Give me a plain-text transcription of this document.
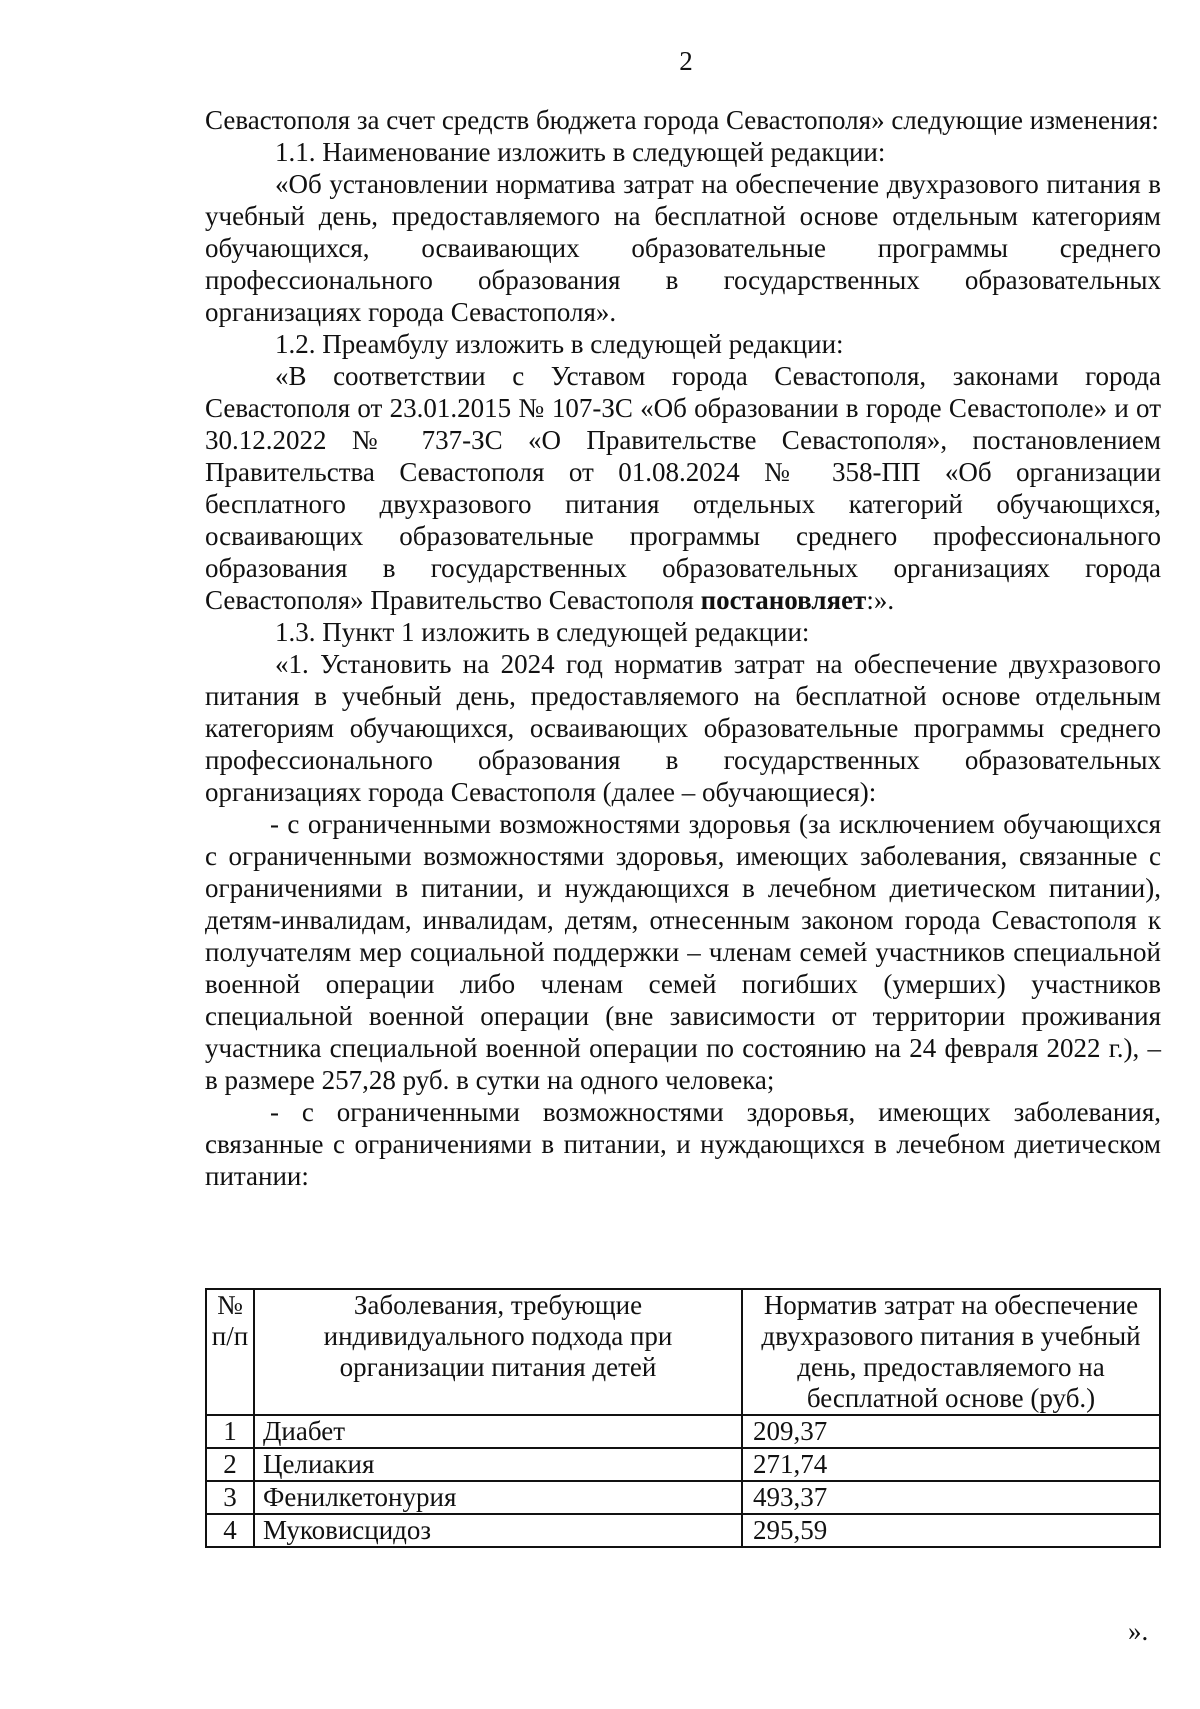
2

Севастополя за счет средств бюджета города Севастополя» следующие изменения:

1.1. Наименование изложить в следующей редакции:

«Об установлении норматива затрат на обеспечение двухразового питания в учебный день, предоставляемого на бесплатной основе отдельным категориям обучающихся, осваивающих образовательные программы среднего профессионального образования в государственных образовательных организациях города Севастополя».

1.2. Преамбулу изложить в следующей редакции:

«В соответствии с Уставом города Севастополя, законами города Севастополя от 23.01.2015 № 107-ЗС «Об образовании в городе Севастополе» и от 30.12.2022 № 737-ЗС «О Правительстве Севастополя», постановлением Правительства Севастополя от 01.08.2024 № 358-ПП «Об организации бесплатного двухразового питания отдельных категорий обучающихся, осваивающих образовательные программы среднего профессионального образования в государственных образовательных организациях города Севастополя» Правительство Севастополя постановляет:».

1.3. Пункт 1 изложить в следующей редакции:

«1. Установить на 2024 год норматив затрат на обеспечение двухразового питания в учебный день, предоставляемого на бесплатной основе отдельным категориям обучающихся, осваивающих образовательные программы среднего профессионального образования в государственных образовательных организациях города Севастополя (далее – обучающиеся):

- с ограниченными возможностями здоровья (за исключением обучающихся с ограниченными возможностями здоровья, имеющих заболевания, связанные с ограничениями в питании, и нуждающихся в лечебном диетическом питании), детям-инвалидам, инвалидам, детям, отнесенным законом города Севастополя к получателям мер социальной поддержки – членам семей участников специальной военной операции либо членам семей погибших (умерших) участников специальной военной операции (вне зависимости от территории проживания участника специальной военной операции по состоянию на 24 февраля 2022 г.), – в размере 257,28 руб. в сутки на одного человека;

- с ограниченными возможностями здоровья, имеющих заболевания, связанные с ограничениями в питании, и нуждающихся в лечебном диетическом питании:

№ п/п	Заболевания, требующие индивидуального подхода при организации питания детей	Норматив затрат на обеспечение двухразового питания в учебный день, предоставляемого на бесплатной основе (руб.)
1	Диабет	209,37
2	Целиакия	271,74
3	Фенилкетонурия	493,37
4	Муковисцидоз	295,59
».
